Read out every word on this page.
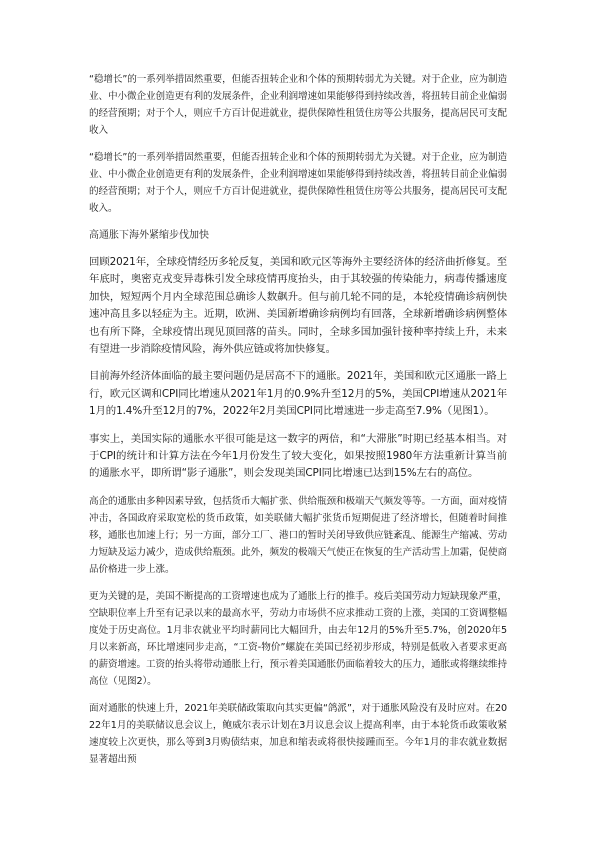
“稳增长”的一系列举措固然重要，但能否扭转企业和个体的预期转弱尤为关键。对于企业，应为制造业、中小微企业创造更有利的发展条件，企业利润增速如果能够得到持续改善，将扭转目前企业偏弱的经营预期；对于个人，则应千方百计促进就业，提供保障性租赁住房等公共服务，提高居民可支配收入

“稳增长”的一系列举措固然重要，但能否扭转企业和个体的预期转弱尤为关键。对于企业，应为制造业、中小微企业创造更有利的发展条件，企业利润增速如果能够得到持续改善，将扭转目前企业偏弱的经营预期；对于个人，则应千方百计促进就业，提供保障性租赁住房等公共服务，提高居民可支配收入。

高通胀下海外紧缩步伐加快

回顾2021年，全球疫情经历多轮反复，美国和欧元区等海外主要经济体的经济曲折修复。至年底时，奥密克戎变异毒株引发全球疫情再度抬头，由于其较强的传染能力，病毒传播速度加快，短短两个月内全球范围总确诊人数飙升。但与前几轮不同的是，本轮疫情确诊病例快速冲高且多以轻症为主。近期，欧洲、美国新增确诊病例均有回落，全球新增确诊病例整体也有所下降，全球疫情出现见顶回落的苗头。同时，全球多国加强针接种率持续上升，未来有望进一步消除疫情风险，海外供应链或将加快修复。

目前海外经济体面临的最主要问题仍是居高不下的通胀。2021年，美国和欧元区通胀一路上行，欧元区调和CPI同比增速从2021年1月的0.9%升至12月的5%，美国CPI增速从2021年1月的1.4%升至12月的7%，2022年2月美国CPI同比增速进一步走高至7.9%（见图1）。

事实上，美国实际的通胀水平很可能是这一数字的两倍，和“大滞胀”时期已经基本相当。对于CPI的统计和计算方法在今年1月份发生了较大变化，如果按照1980年方法重新计算当前的通胀水平，即所谓“影子通胀”，则会发现美国CPI同比增速已达到15%左右的高位。

高企的通胀由多种因素导致，包括货币大幅扩张、供给瓶颈和极端天气频发等等。一方面，面对疫情冲击，各国政府采取宽松的货币政策，如美联储大幅扩张货币短期促进了经济增长，但随着时间推移，通胀也加速上行；另一方面，部分工厂、港口的暂时关闭导致供应链紊乱、能源生产缩减、劳动力短缺及运力减少，造成供给瓶颈。此外，频发的极端天气使正在恢复的生产活动雪上加霜，促使商品价格进一步上涨。

更为关键的是，美国不断提高的工资增速也成为了通胀上行的推手。疫后美国劳动力短缺现象严重，空缺职位率上升至有记录以来的最高水平，劳动力市场供不应求推动工资的上涨，美国的工资调整幅度处于历史高位。1月非农就业平均时薪同比大幅回升，由去年12月的5%升至5.7%，创2020年5月以来新高，环比增速同步走高，“工资-物价”螺旋在美国已经初步形成，特别是低收入者要求更高的薪资增速。工资的抬头将带动通胀上行，预示着美国通胀仍面临着较大的压力，通胀或将继续维持高位（见图2）。

面对通胀的快速上升，2021年美联储政策取向其实更偏“鸽派”，对于通胀风险没有及时应对。在2022年1月的美联储议息会议上，鲍威尔表示计划在3月议息会议上提高利率，由于本轮货币政策收紧速度较上次更快，那么等到3月购债结束，加息和缩表或将很快接踵而至。今年1月的非农就业数据显著超出预
